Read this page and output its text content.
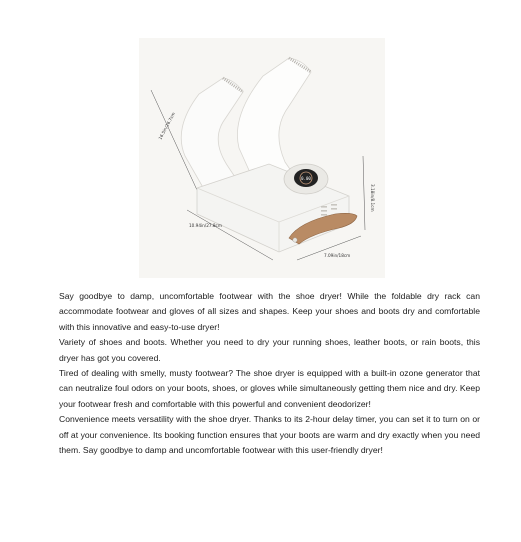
0.00
16.5in/26.7cm
10.94in/27.8cm
7.09in/18cm
3.18in/8.1cm

Say goodbye to damp, uncomfortable footwear with the shoe dryer! While the foldable dry rack can accommodate footwear and gloves of all sizes and shapes. Keep your shoes and boots dry and comfortable with this innovative and easy-to-use dryer!

Variety of shoes and boots. Whether you need to dry your running shoes, leather boots, or rain boots, this dryer has got you covered.

Tired of dealing with smelly, musty footwear? The shoe dryer is equipped with a built-in ozone generator that can neutralize foul odors on your boots, shoes, or gloves while simultaneously getting them nice and dry. Keep your footwear fresh and comfortable with this powerful and convenient deodorizer!

Convenience meets versatility with the shoe dryer. Thanks to its 2-hour delay timer, you can set it to turn on or off at your convenience. Its booking function ensures that your boots are warm and dry exactly when you need them. Say goodbye to damp and uncomfortable footwear with this user-friendly dryer!
